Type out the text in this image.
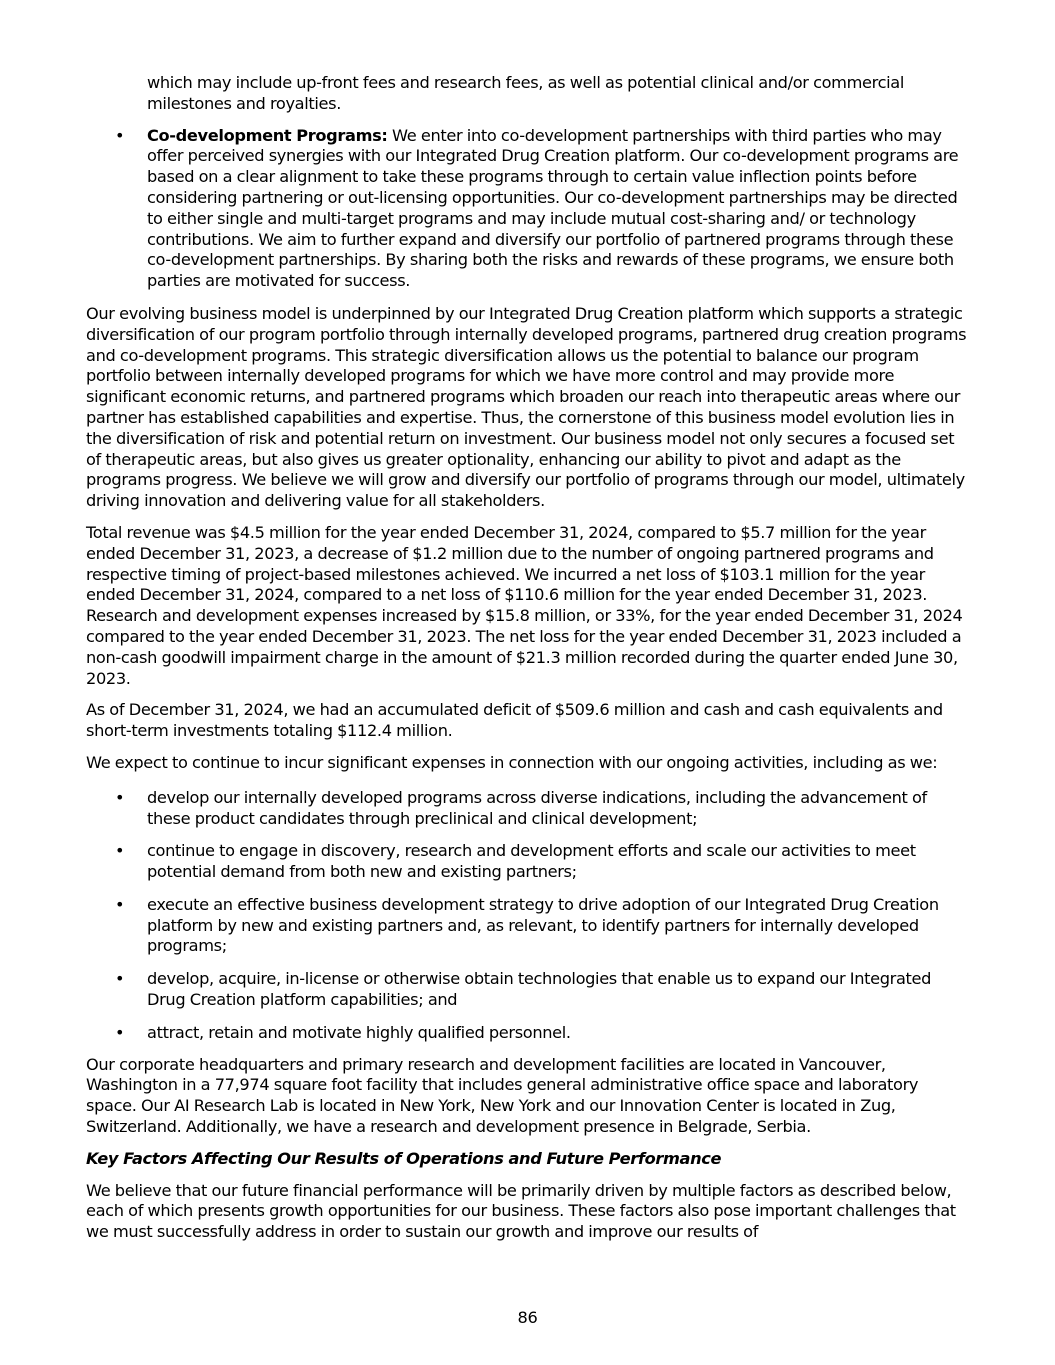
which may include up-front fees and research fees, as well as potential clinical and/or commercial milestones and royalties.

• Co-development Programs: We enter into co-development partnerships with third parties who may offer perceived synergies with our Integrated Drug Creation platform. Our co-development programs are based on a clear alignment to take these programs through to certain value inflection points before considering partnering or out-licensing opportunities. Our co-development partnerships may be directed to either single and multi-target programs and may include mutual cost-sharing and/ or technology contributions. We aim to further expand and diversify our portfolio of partnered programs through these co-development partnerships. By sharing both the risks and rewards of these programs, we ensure both parties are motivated for success.

Our evolving business model is underpinned by our Integrated Drug Creation platform which supports a strategic diversification of our program portfolio through internally developed programs, partnered drug creation programs and co-development programs. This strategic diversification allows us the potential to balance our program portfolio between internally developed programs for which we have more control and may provide more significant economic returns, and partnered programs which broaden our reach into therapeutic areas where our partner has established capabilities and expertise. Thus, the cornerstone of this business model evolution lies in the diversification of risk and potential return on investment. Our business model not only secures a focused set of therapeutic areas, but also gives us greater optionality, enhancing our ability to pivot and adapt as the programs progress. We believe we will grow and diversify our portfolio of programs through our model, ultimately driving innovation and delivering value for all stakeholders.

Total revenue was $4.5 million for the year ended December 31, 2024, compared to $5.7 million for the year ended December 31, 2023, a decrease of $1.2 million due to the number of ongoing partnered programs and respective timing of project-based milestones achieved. We incurred a net loss of $103.1 million for the year ended December 31, 2024, compared to a net loss of $110.6 million for the year ended December 31, 2023. Research and development expenses increased by $15.8 million, or 33%, for the year ended December 31, 2024 compared to the year ended December 31, 2023. The net loss for the year ended December 31, 2023 included a non-cash goodwill impairment charge in the amount of $21.3 million recorded during the quarter ended June 30, 2023.

As of December 31, 2024, we had an accumulated deficit of $509.6 million and cash and cash equivalents and short-term investments totaling $112.4 million.

We expect to continue to incur significant expenses in connection with our ongoing activities, including as we:

• develop our internally developed programs across diverse indications, including the advancement of these product candidates through preclinical and clinical development;
• continue to engage in discovery, research and development efforts and scale our activities to meet potential demand from both new and existing partners;
• execute an effective business development strategy to drive adoption of our Integrated Drug Creation platform by new and existing partners and, as relevant, to identify partners for internally developed programs;
• develop, acquire, in-license or otherwise obtain technologies that enable us to expand our Integrated Drug Creation platform capabilities; and
• attract, retain and motivate highly qualified personnel.

Our corporate headquarters and primary research and development facilities are located in Vancouver, Washington in a 77,974 square foot facility that includes general administrative office space and laboratory space. Our AI Research Lab is located in New York, New York and our Innovation Center is located in Zug, Switzerland. Additionally, we have a research and development presence in Belgrade, Serbia.

Key Factors Affecting Our Results of Operations and Future Performance

We believe that our future financial performance will be primarily driven by multiple factors as described below, each of which presents growth opportunities for our business. These factors also pose important challenges that we must successfully address in order to sustain our growth and improve our results of

86
